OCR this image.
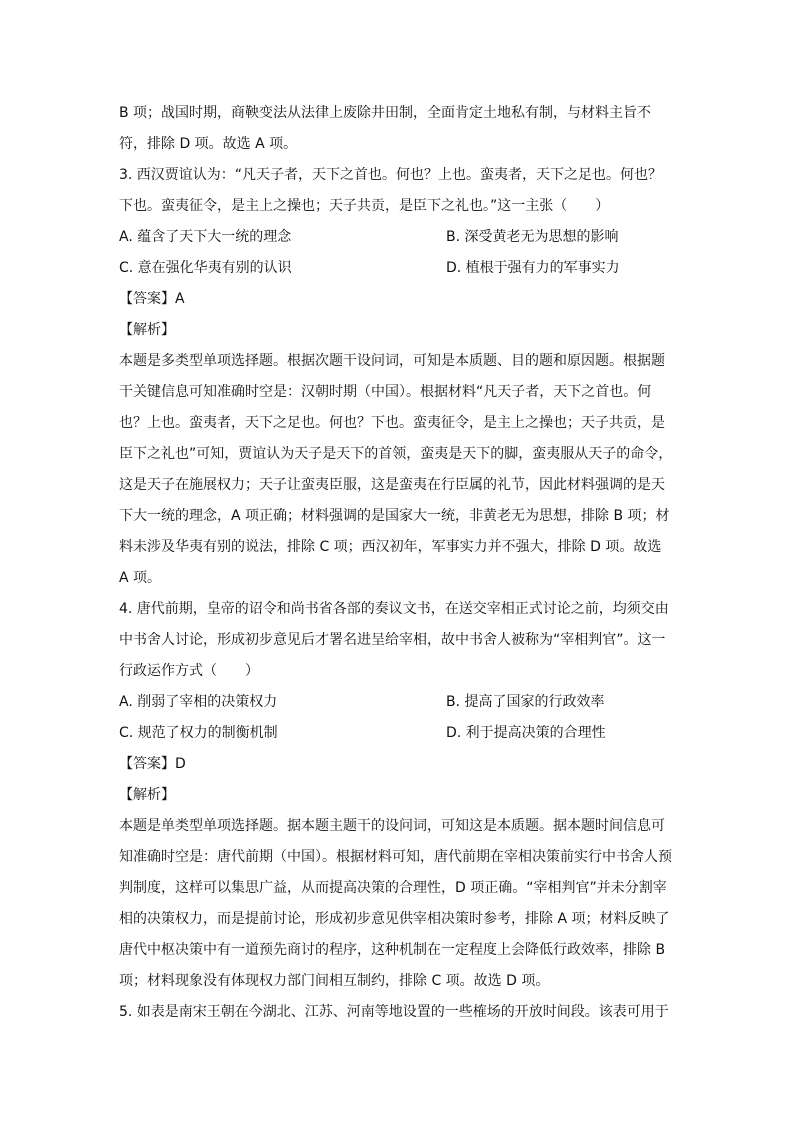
B 项；战国时期，商鞅变法从法律上废除井田制，全面肯定土地私有制，与材料主旨不

符，排除 D 项。故选 A 项。

3. 西汉贾谊认为：“凡天子者，天下之首也。何也？上也。蛮夷者，天下之足也。何也？

下也。蛮夷征令，是主上之操也；天子共贡，是臣下之礼也。”这一主张（　　）

A. 蕴含了天下大一统的理念	B. 深受黄老无为思想的影响
C. 意在强化华夷有别的认识	D. 植根于强有力的军事实力

【答案】A

【解析】

本题是多类型单项选择题。根据次题干设问词，可知是本质题、目的题和原因题。根据题

干关键信息可知准确时空是：汉朝时期（中国）。根据材料“凡天子者，天下之首也。何

也？上也。蛮夷者，天下之足也。何也？下也。蛮夷征令，是主上之操也；天子共贡，是

臣下之礼也”可知，贾谊认为天子是天下的首领，蛮夷是天下的脚，蛮夷服从天子的命令，

这是天子在施展权力；天子让蛮夷臣服，这是蛮夷在行臣属的礼节，因此材料强调的是天

下大一统的理念，A 项正确；材料强调的是国家大一统，非黄老无为思想，排除 B 项；材

料未涉及华夷有别的说法，排除 C 项；西汉初年，军事实力并不强大，排除 D 项。故选

A 项。

4. 唐代前期，皇帝的诏令和尚书省各部的奏议文书，在送交宰相正式讨论之前，均须交由

中书舍人讨论，形成初步意见后才署名进呈给宰相，故中书舍人被称为“宰相判官”。这一

行政运作方式（　　）

A. 削弱了宰相的决策权力	B. 提高了国家的行政效率
C. 规范了权力的制衡机制	D. 利于提高决策的合理性

【答案】D

【解析】

本题是单类型单项选择题。据本题主题干的设问词，可知这是本质题。据本题时间信息可

知准确时空是：唐代前期（中国）。根据材料可知，唐代前期在宰相决策前实行中书舍人预

判制度，这样可以集思广益，从而提高决策的合理性，D 项正确。“宰相判官”并未分割宰

相的决策权力，而是提前讨论，形成初步意见供宰相决策时参考，排除 A 项；材料反映了

唐代中枢决策中有一道预先商讨的程序，这种机制在一定程度上会降低行政效率，排除 B

项；材料现象没有体现权力部门间相互制约，排除 C 项。故选 D 项。

5. 如表是南宋王朝在今湖北、江苏、河南等地设置的一些榷场的开放时间段。该表可用于
